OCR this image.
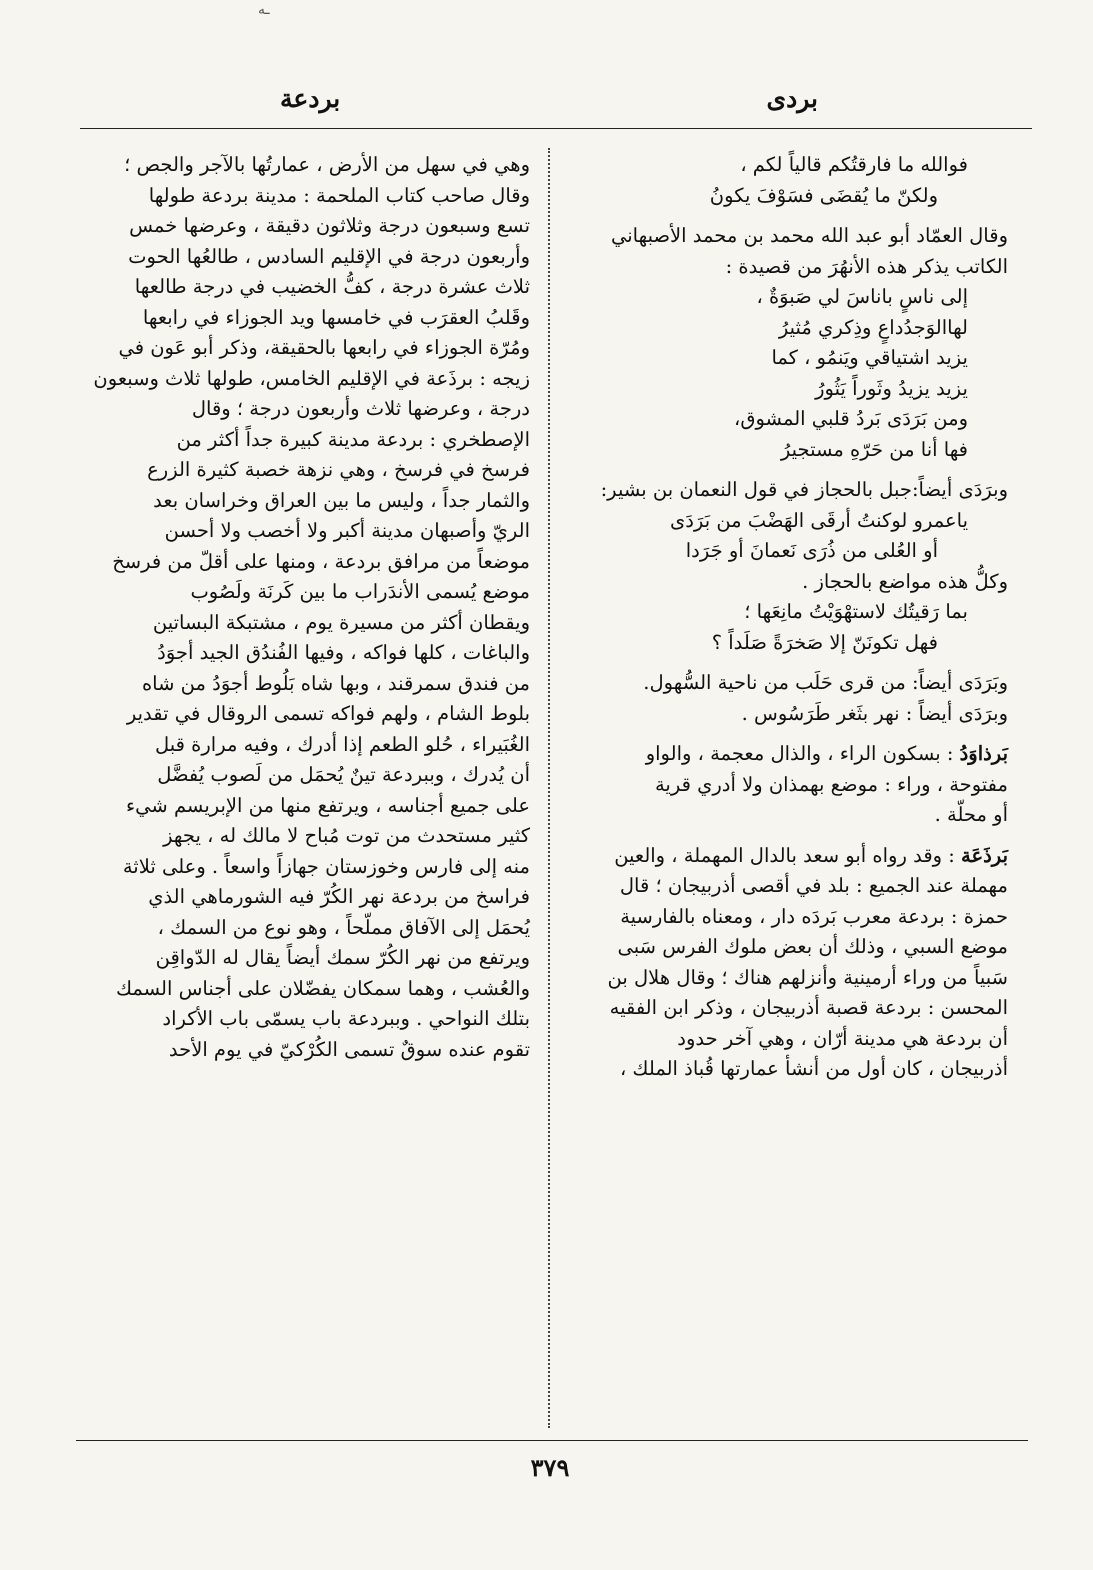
ـه
بردى
بردعة

فوالله ما فارقتُكم قالياً لكم ،

ولكنّ ما يُقضَى فسَوْفَ يكونُ

وقال العمّاد أبو عبد الله محمد بن محمد الأصبهاني

الكاتب يذكر هذه الأنهُرَ من قصيدة :

إلى ناسٍ باناسَ لي صَبوَةٌ ،

لهاالوَجدُداعٍ وذِكري مُثيرُ

يزيد اشتياقي ويَنمُو ، كما

يزيد يزيدُ وثَوراً يَثُورُ

ومن بَرَدَى بَردُ قلبي المشوق،

فها أنا من حَرّهِ مستجيرُ

وبرَدَى أيضاً:جبل بالحجاز في قول النعمان بن بشير:

ياعمرو لوكنتُ أرقَى الهَضْبَ من بَرَدَى

أو العُلى من ذُرَى نَعمانَ أو جَرَدا

وكلُّ هذه مواضع بالحجاز .

بما رَقيتُك لاستهْوَيْتُ مانِعَها ؛

فهل تكونَنّ إلا صَخرَةً صَلَداً ؟

وبَرَدَى أيضاً: من قرى حَلَب من ناحية السُّهول.

وبرَدَى أيضاً : نهر بثَغر طَرَسُوس .

بَرذاوَدُ : بسكون الراء ، والذال معجمة ، والواو

مفتوحة ، وراء : موضع بهمذان ولا أدري قرية

أو محلّة .

بَرذَعَة : وقد رواه أبو سعد بالدال المهملة ، والعين

مهملة عند الجميع : بلد في أقصى أذربيجان ؛ قال

حمزة : بردعة معرب بَردَه دار ، ومعناه بالفارسية

موضع السبي ، وذلك أن بعض ملوك الفرس سَبى

سَبياً من وراء أرمينية وأنزلهم هناك ؛ وقال هلال بن

المحسن : بردعة قصبة أذربيجان ، وذكر ابن الفقيه

أن بردعة هي مدينة أرّان ، وهي آخر حدود

أذربيجان ، كان أول من أنشأ عمارتها قُباذ الملك ،

وهي في سهل من الأرض ، عمارتُها بالآجر والجص ؛

وقال صاحب كتاب الملحمة : مدينة بردعة طولها

تسع وسبعون درجة وثلاثون دقيقة ، وعرضها خمس

وأربعون درجة في الإقليم السادس ، طالعُها الحوت

ثلاث عشرة درجة ، كفُّ الخضيب في درجة طالعها

وقَلبُ العقرَب في خامسها ويد الجوزاء في رابعها

ومُرّة الجوزاء في رابعها بالحقيقة، وذكر أبو عَون في

زيجه : برذَعة في الإقليم الخامس، طولها ثلاث وسبعون

درجة ، وعرضها ثلاث وأربعون درجة ؛ وقال

الإصطخري : بردعة مدينة كبيرة جداً أكثر من

فرسخ في فرسخ ، وهي نزهة خصبة كثيرة الزرع

والثمار جداً ، وليس ما بين العراق وخراسان بعد

الريّ وأصبهان مدينة أكبر ولا أخصب ولا أحسن

موضعاً من مرافق بردعة ، ومنها على أقلّ من فرسخ

موضع يُسمى الأندَراب ما بين كَرنَة ولَصُوب

ويقطان أكثر من مسيرة يوم ، مشتبكة البساتين

والباغات ، كلها فواكه ، وفيها الفُندُق الجيد أجوَدُ

من فندق سمرقند ، وبها شاه بَلُوط أجوَدُ من شاه

بلوط الشام ، ولهم فواكه تسمى الروقال في تقدير

الغُبَيراء ، حُلو الطعم إذا أدرك ، وفيه مرارة قبل

أن يُدرك ، وببردعة تينٌ يُحمَل من لَصوب يُفضَّل

على جميع أجناسه ، ويرتفع منها من الإبريسم شيء

كثير مستحدث من توت مُباح لا مالك له ، يجهز

منه إلى فارس وخوزستان جهازاً واسعاً . وعلى ثلاثة

فراسخ من بردعة نهر الكُرّ فيه الشورماهي الذي

يُحمَل إلى الآفاق مملّحاً ، وهو نوع من السمك ،

ويرتفع من نهر الكُرّ سمك أيضاً يقال له الدّواقِن

والعُشب ، وهما سمكان يفضّلان على أجناس السمك

بتلك النواحي . وببردعة باب يسمّى باب الأكراد

تقوم عنده سوقٌ تسمى الكُرْكيّ في يوم الأحد

٣٧٩
